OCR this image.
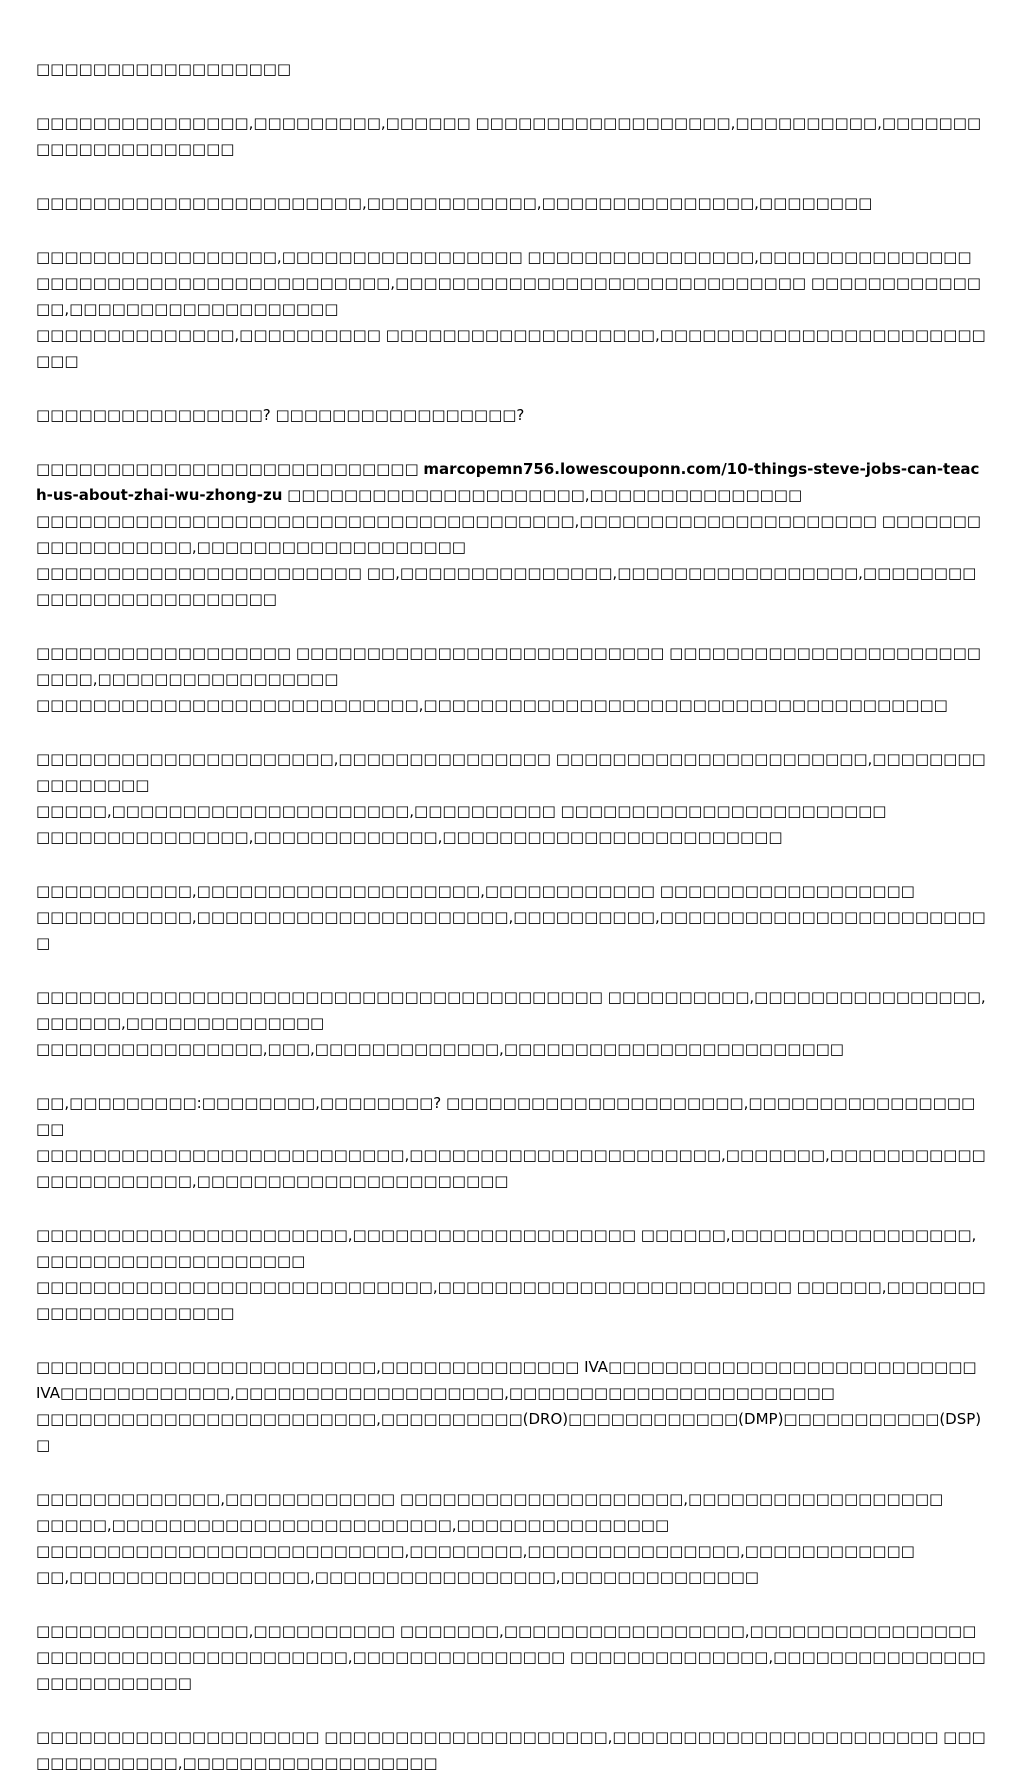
□□□□□□□□□□□□□□□□□□
□□□□□□□□□□□□□□□,□□□□□□□□□,□□□□□□ □□□□□□□□□□□□□□□□□□,□□□□□□□□□□,□□□□□□□□□□□□□□□□□□□□□
□□□□□□□□□□□□□□□□□□□□□□□,□□□□□□□□□□□□,□□□□□□□□□□□□□□□,□□□□□□□□
□□□□□□□□□□□□□□□□□,□□□□□□□□□□□□□□□□□ □□□□□□□□□□□□□□□□,□□□□□□□□□□□□□□□
□□□□□□□□□□□□□□□□□□□□□□□□□,□□□□□□□□□□□□□□□□□□□□□□□□□□□□□ □□□□□□□□□□□□□□,□□□□□□□□□□□□□□□□□□□
□□□□□□□□□□□□□□,□□□□□□□□□□ □□□□□□□□□□□□□□□□□□□,□□□□□□□□□□□□□□□□□□□□□□□□□□
□□□□□□□□□□□□□□□□? □□□□□□□□□□□□□□□□□?
□□□□□□□□□□□□□□□□□□□□□□□□□□□ marcopemn756.lowescouponn.com/10-things-steve-jobs-can-teach-us-about-zhai-wu-zhong-zu □□□□□□□□□□□□□□□□□□□□□,□□□□□□□□□□□□□□□
□□□□□□□□□□□□□□□□□□□□□□□□□□□□□□□□□□□□□□,□□□□□□□□□□□□□□□□□□□□□ □□□□□□□□□□□□□□□□□□,□□□□□□□□□□□□□□□□□□□
□□□□□□□□□□□□□□□□□□□□□□□ □□,□□□□□□□□□□□□□□□,□□□□□□□□□□□□□□□□□,□□□□□□□□□□□□□□□□□□□□□□□□□
□□□□□□□□□□□□□□□□□□ □□□□□□□□□□□□□□□□□□□□□□□□□□ □□□□□□□□□□□□□□□□□□□□□□□□□□,□□□□□□□□□□□□□□□□□
□□□□□□□□□□□□□□□□□□□□□□□□□□□,□□□□□□□□□□□□□□□□□□□□□□□□□□□□□□□□□□□□□
□□□□□□□□□□□□□□□□□□□□□,□□□□□□□□□□□□□□□ □□□□□□□□□□□□□□□□□□□□□□,□□□□□□□□□□□□□□□□
□□□□□,□□□□□□□□□□□□□□□□□□□□□,□□□□□□□□□□ □□□□□□□□□□□□□□□□□□□□□□□
□□□□□□□□□□□□□□□,□□□□□□□□□□□□□,□□□□□□□□□□□□□□□□□□□□□□□□
□□□□□□□□□□□,□□□□□□□□□□□□□□□□□□□□,□□□□□□□□□□□□ □□□□□□□□□□□□□□□□□□
□□□□□□□□□□□,□□□□□□□□□□□□□□□□□□□□□□,□□□□□□□□□□,□□□□□□□□□□□□□□□□□□□□□□□□
□□□□□□□□□□□□□□□□□□□□□□□□□□□□□□□□□□□□□□□□ □□□□□□□□□□,□□□□□□□□□□□□□□□□,□□□□□□,□□□□□□□□□□□□□□
□□□□□□□□□□□□□□□□,□□□,□□□□□□□□□□□□□,□□□□□□□□□□□□□□□□□□□□□□□□
□□,□□□□□□□□□:□□□□□□□□,□□□□□□□□? □□□□□□□□□□□□□□□□□□□□□,□□□□□□□□□□□□□□□□□□
□□□□□□□□□□□□□□□□□□□□□□□□□□,□□□□□□□□□□□□□□□□□□□□□□,□□□□□□□,□□□□□□□□□□□
□□□□□□□□□□□,□□□□□□□□□□□□□□□□□□□□□□
□□□□□□□□□□□□□□□□□□□□□□,□□□□□□□□□□□□□□□□□□□□ □□□□□□,□□□□□□□□□□□□□□□□□,□□□□□□□□□□□□□□□□□□□
□□□□□□□□□□□□□□□□□□□□□□□□□□□□,□□□□□□□□□□□□□□□□□□□□□□□□□ □□□□□□,□□□□□□□□□□□□□□□□□□□□□
□□□□□□□□□□□□□□□□□□□□□□□□,□□□□□□□□□□□□□□ IVA□□□□□□□□□□□□□□□□□□□□□□□□□□
IVA□□□□□□□□□□□□,□□□□□□□□□□□□□□□□□□□,□□□□□□□□□□□□□□□□□□□□□□□
□□□□□□□□□□□□□□□□□□□□□□□□,□□□□□□□□□□(DRO)□□□□□□□□□□□□(DMP)□□□□□□□□□□□(DSP)□
□□□□□□□□□□□□□,□□□□□□□□□□□□ □□□□□□□□□□□□□□□□□□□□,□□□□□□□□□□□□□□□□□□
□□□□□,□□□□□□□□□□□□□□□□□□□□□□□□,□□□□□□□□□□□□□□□
□□□□□□□□□□□□□□□□□□□□□□□□□□,□□□□□□□□,□□□□□□□□□□□□□□□,□□□□□□□□□□□□
□□,□□□□□□□□□□□□□□□□□,□□□□□□□□□□□□□□□□□,□□□□□□□□□□□□□□
□□□□□□□□□□□□□□□,□□□□□□□□□□ □□□□□□□,□□□□□□□□□□□□□□□□□,□□□□□□□□□□□□□□□□
□□□□□□□□□□□□□□□□□□□□□□,□□□□□□□□□□□□□□□ □□□□□□□□□□□□□□,□□□□□□□□□□□□□□□□□□□□□□□□□□
□□□□□□□□□□□□□□□□□□□□ □□□□□□□□□□□□□□□□□□□□,□□□□□□□□□□□□□□□□□□□□□□□ □□□□□□□□□□□□□,□□□□□□□□□□□□□□□□□□
